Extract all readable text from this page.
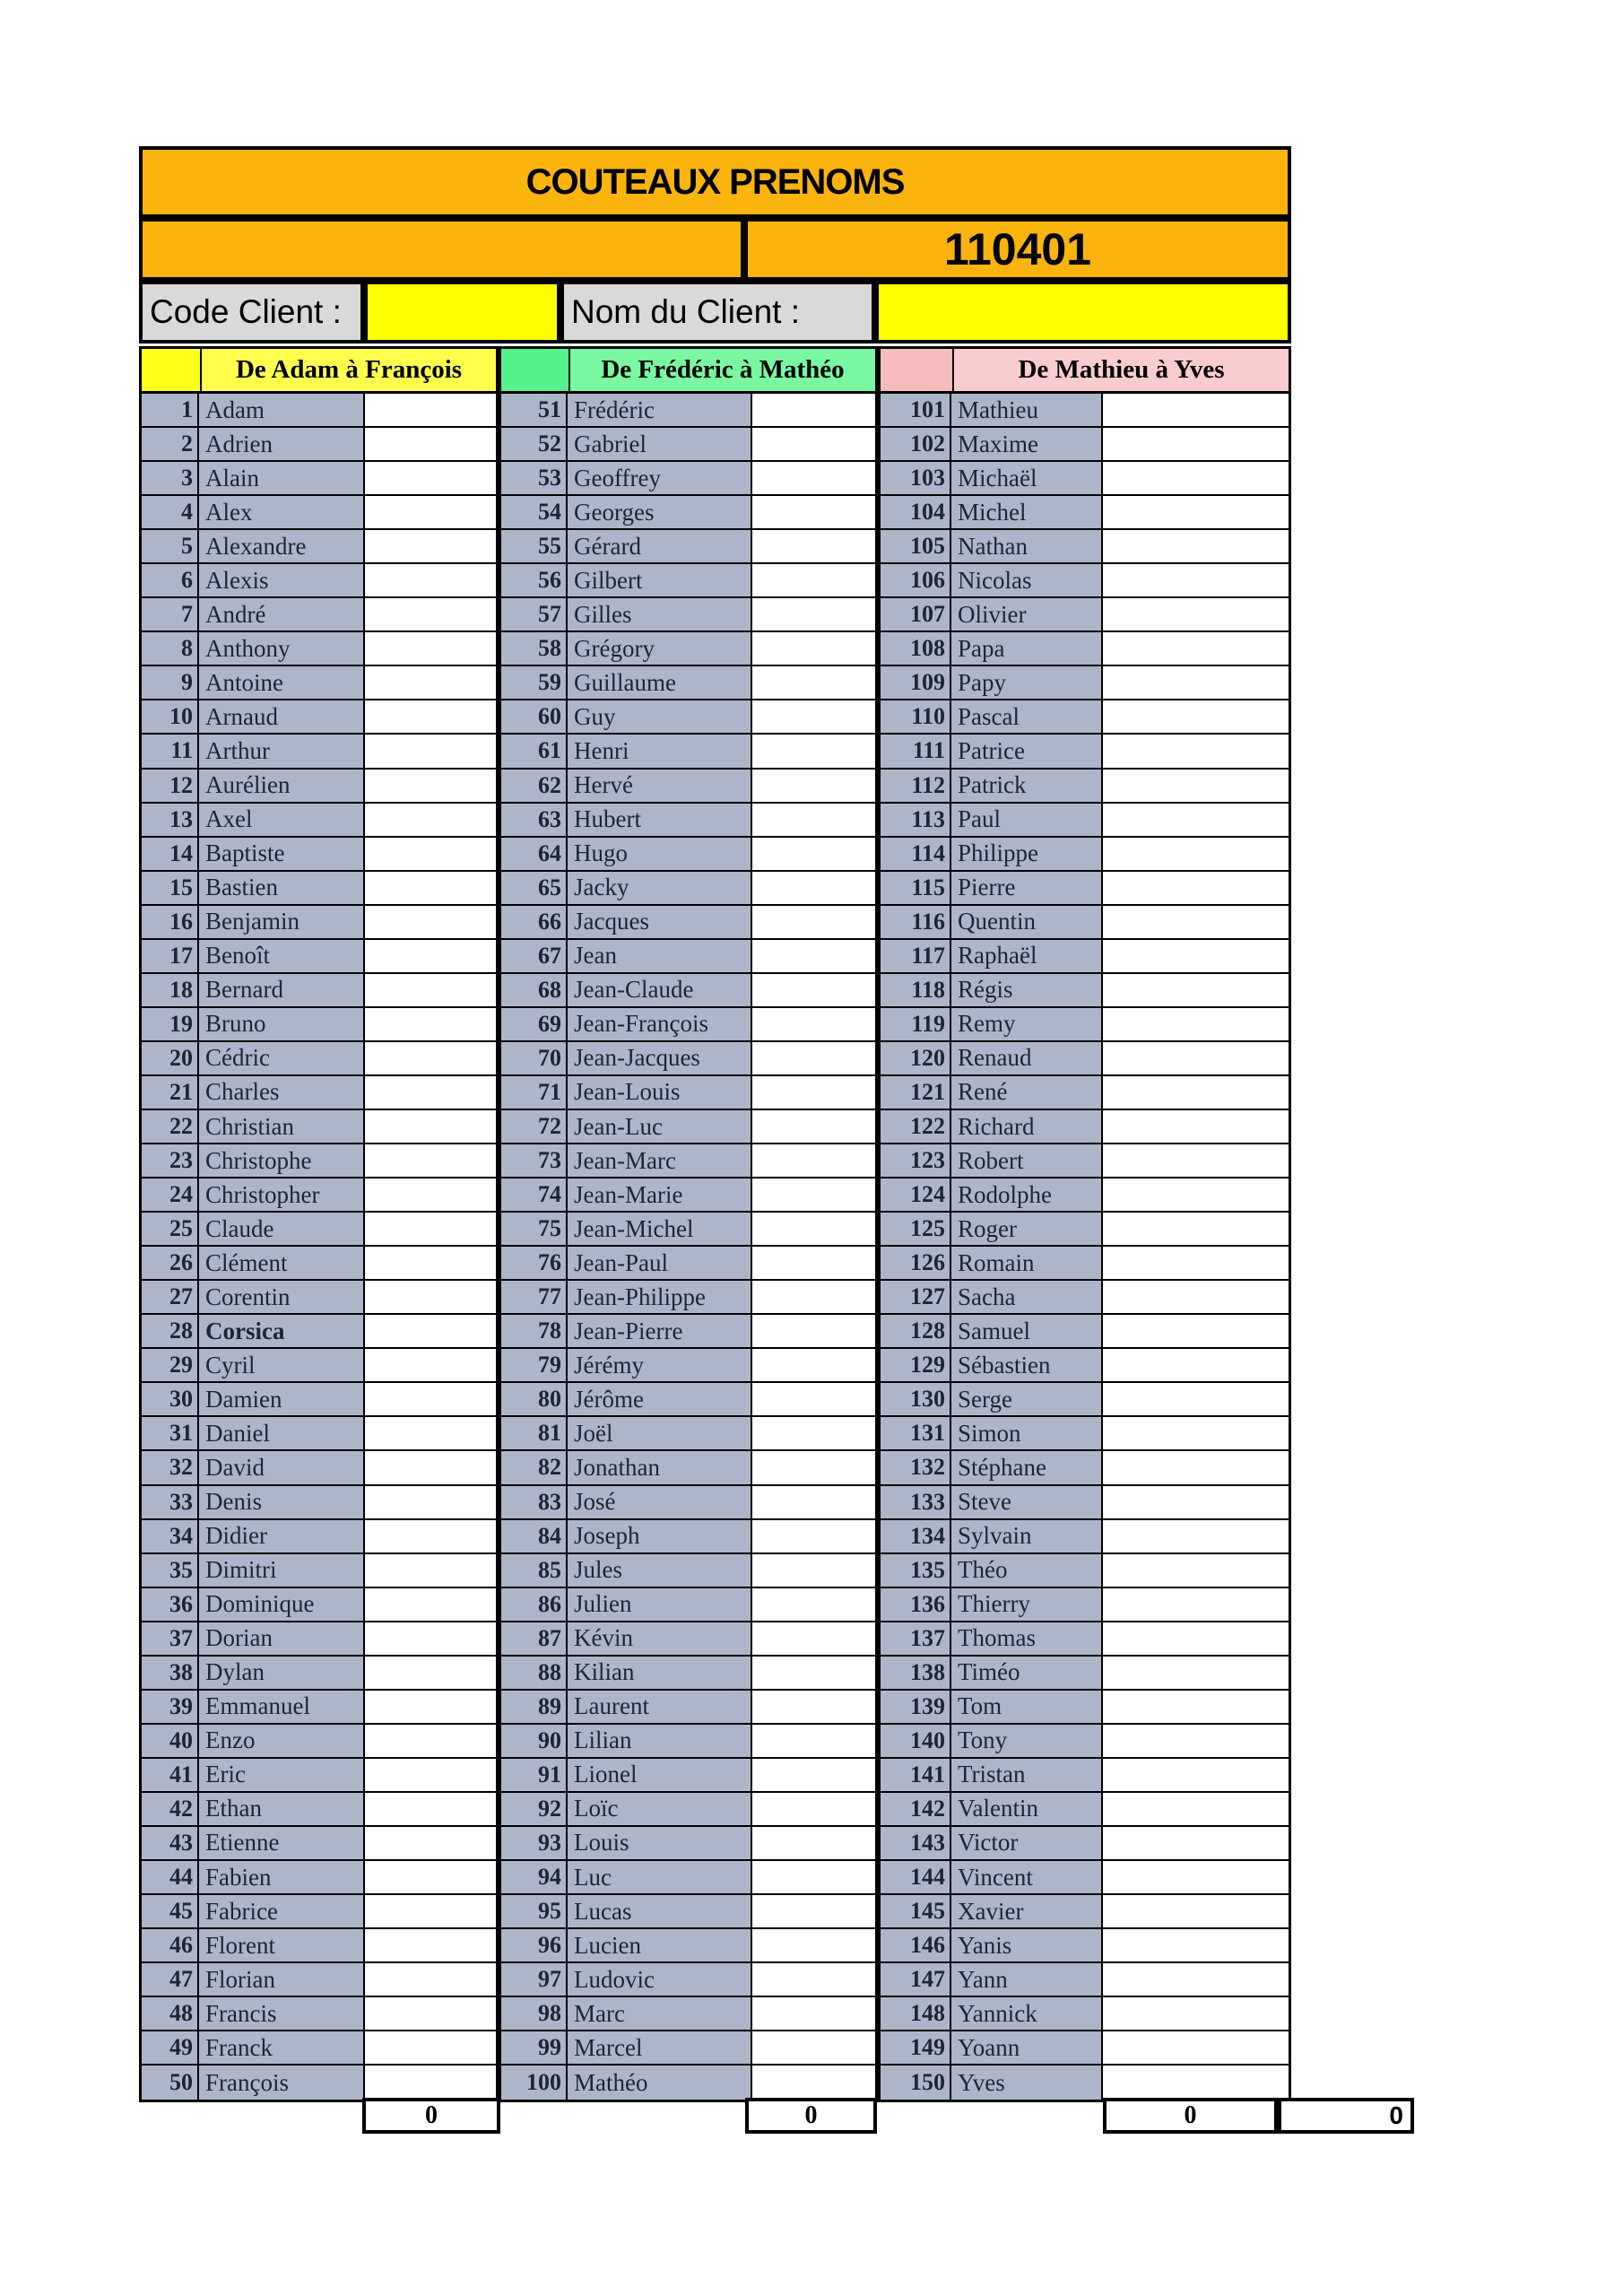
COUTEAUX PRENOMS
110401
Code Client :	Nom du Client :
De Adam à François
1 Adam
2 Adrien
3 Alain
4 Alex
5 Alexandre
6 Alexis
7 André
8 Anthony
9 Antoine
10 Arnaud
11 Arthur
12 Aurélien
13 Axel
14 Baptiste
15 Bastien
16 Benjamin
17 Benoît
18 Bernard
19 Bruno
20 Cédric
21 Charles
22 Christian
23 Christophe
24 Christopher
25 Claude
26 Clément
27 Corentin
28 Corsica
29 Cyril
30 Damien
31 Daniel
32 David
33 Denis
34 Didier
35 Dimitri
36 Dominique
37 Dorian
38 Dylan
39 Emmanuel
40 Enzo
41 Eric
42 Ethan
43 Etienne
44 Fabien
45 Fabrice
46 Florent
47 Florian
48 Francis
49 Franck
50 François
De Frédéric à Mathéo
51 Frédéric
52 Gabriel
53 Geoffrey
54 Georges
55 Gérard
56 Gilbert
57 Gilles
58 Grégory
59 Guillaume
60 Guy
61 Henri
62 Hervé
63 Hubert
64 Hugo
65 Jacky
66 Jacques
67 Jean
68 Jean-Claude
69 Jean-François
70 Jean-Jacques
71 Jean-Louis
72 Jean-Luc
73 Jean-Marc
74 Jean-Marie
75 Jean-Michel
76 Jean-Paul
77 Jean-Philippe
78 Jean-Pierre
79 Jérémy
80 Jérôme
81 Joël
82 Jonathan
83 José
84 Joseph
85 Jules
86 Julien
87 Kévin
88 Kilian
89 Laurent
90 Lilian
91 Lionel
92 Loïc
93 Louis
94 Luc
95 Lucas
96 Lucien
97 Ludovic
98 Marc
99 Marcel
100 Mathéo
De Mathieu à Yves
101 Mathieu
102 Maxime
103 Michaël
104 Michel
105 Nathan
106 Nicolas
107 Olivier
108 Papa
109 Papy
110 Pascal
111 Patrice
112 Patrick
113 Paul
114 Philippe
115 Pierre
116 Quentin
117 Raphaël
118 Régis
119 Remy
120 Renaud
121 René
122 Richard
123 Robert
124 Rodolphe
125 Roger
126 Romain
127 Sacha
128 Samuel
129 Sébastien
130 Serge
131 Simon
132 Stéphane
133 Steve
134 Sylvain
135 Théo
136 Thierry
137 Thomas
138 Timéo
139 Tom
140 Tony
141 Tristan
142 Valentin
143 Victor
144 Vincent
145 Xavier
146 Yanis
147 Yann
148 Yannick
149 Yoann
150 Yves
0	0	0	0
